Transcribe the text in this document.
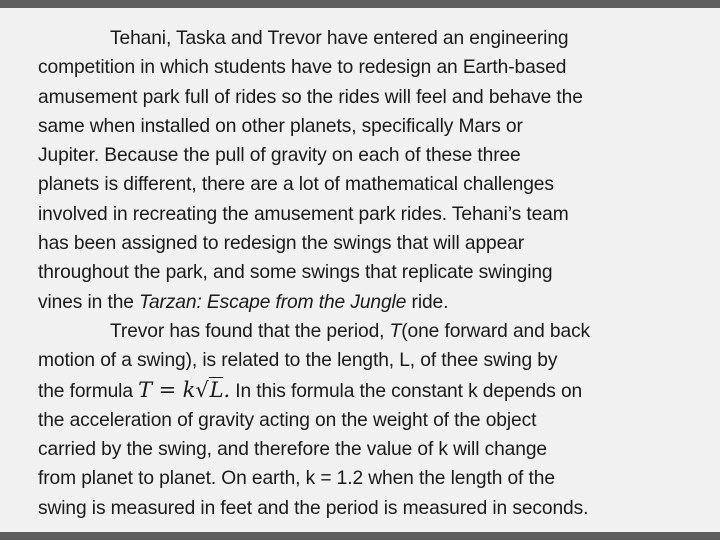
Tehani, Taska and Trevor have entered an engineering
competition in which students have to redesign an Earth-based
amusement park full of rides so the rides will feel and behave the
same when installed on other planets, specifically Mars or
Jupiter. Because the pull of gravity on each of these three
planets is different, there are a lot of mathematical challenges
involved in recreating the amusement park rides. Tehani’s team
has been assigned to redesign the swings that will appear
throughout the park, and some swings that replicate swinging
vines in the Tarzan: Escape from the Jungle ride.
Trevor has found that the period, T(one forward and back
motion of a swing), is related to the length, L, of thee swing by
the formula T = k√L. In this formula the constant k depends on
the acceleration of gravity acting on the weight of the object
carried by the swing, and therefore the value of k will change
from planet to planet. On earth, k = 1.2 when the length of the
swing is measured in feet and the period is measured in seconds.
